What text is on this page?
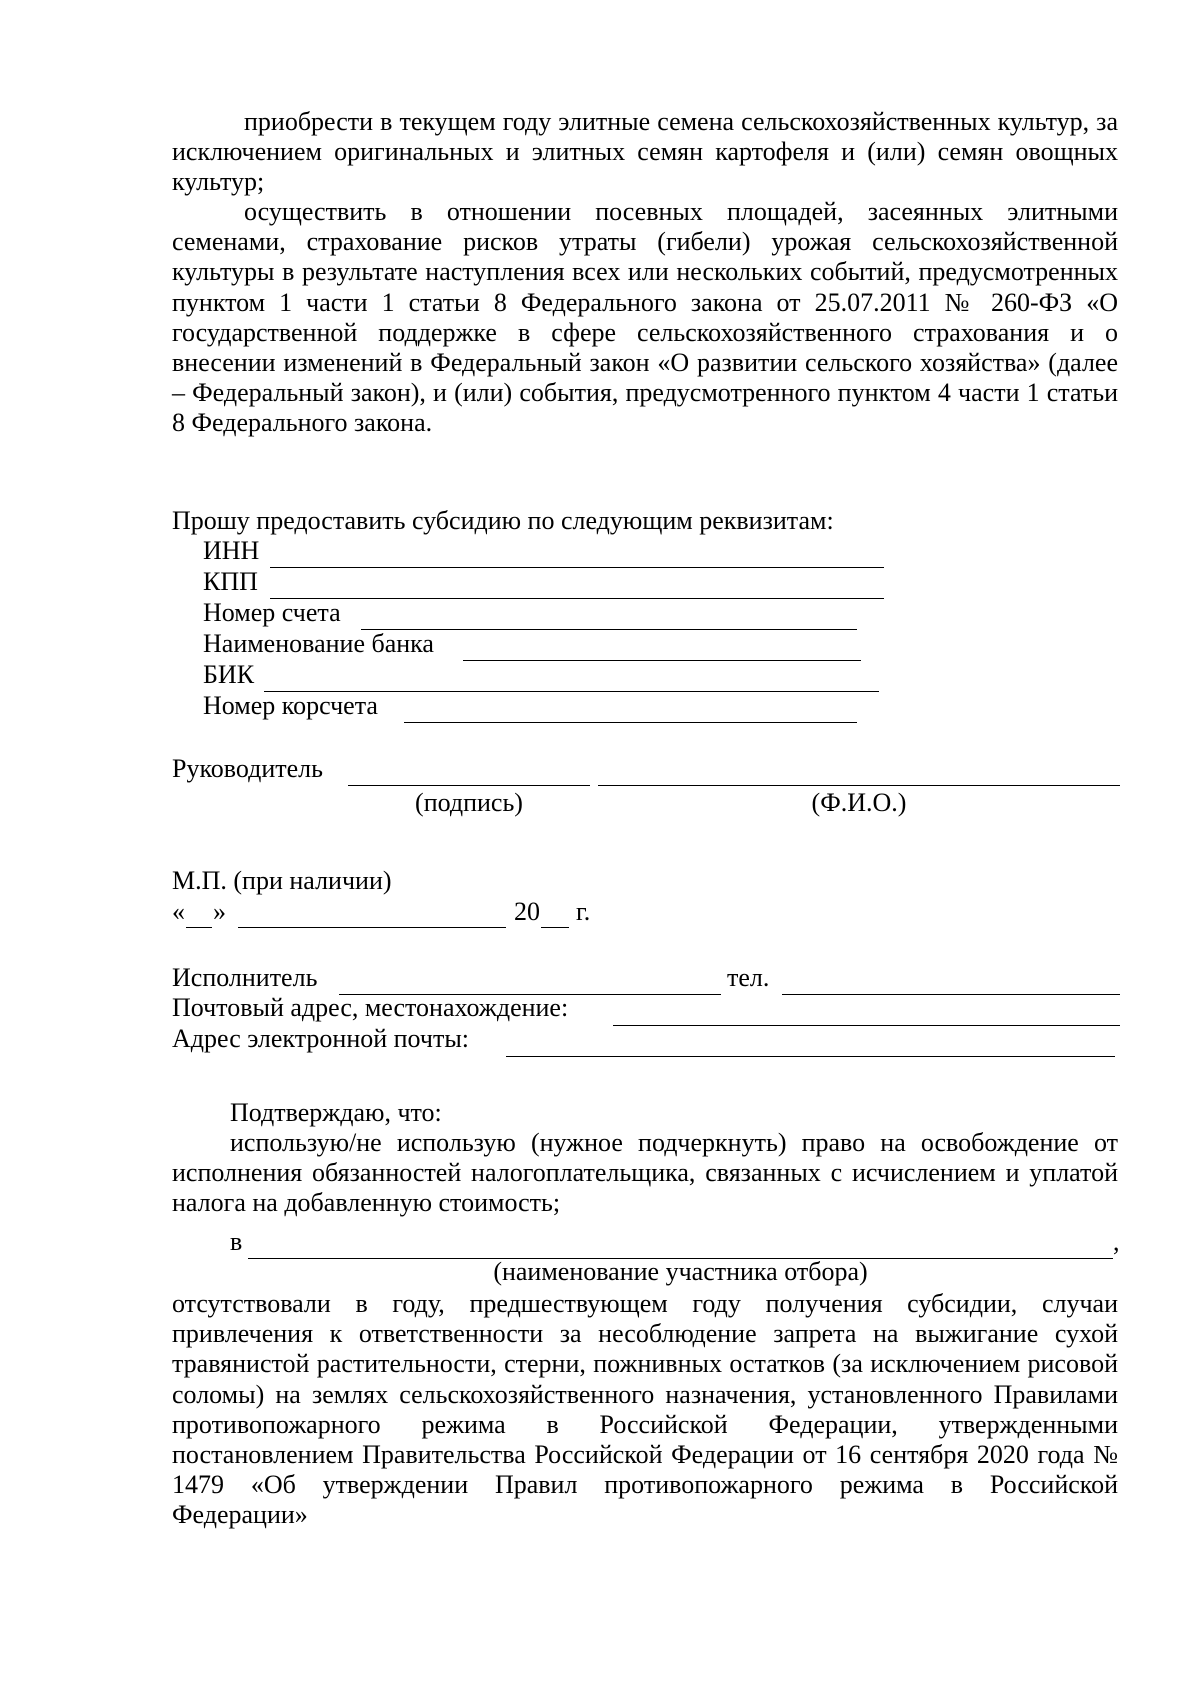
приобрести в текущем году элитные семена сельскохозяйственных культур, за исключением оригинальных и элитных семян картофеля и (или) семян овощных культур;
осуществить в отношении посевных площадей, засеянных элитными семенами, страхование рисков утраты (гибели) урожая сельскохозяйственной культуры в результате наступления всех или нескольких событий, предусмотренных пунктом 1 части 1 статьи 8 Федерального закона от 25.07.2011 № 260-ФЗ «О государственной поддержке в сфере сельскохозяйственного страхования и о внесении изменений в Федеральный закон «О развитии сельского хозяйства» (далее – Федеральный закон), и (или) события, предусмотренного пунктом 4 части 1 статьи 8 Федерального закона.
Прошу предоставить субсидию по следующим реквизитам:
ИНН
КПП
Номер счета
Наименование банка
БИК
Номер корсчета
Руководитель
(подпись)	(Ф.И.О.)
М.П. (при наличии)
« »	20 г.
Исполнитель	тел.
Почтовый адрес, местонахождение:
Адрес электронной почты:
Подтверждаю, что:
использую/не использую (нужное подчеркнуть) право на освобождение от исполнения обязанностей налогоплательщика, связанных с исчислением и уплатой налога на добавленную стоимость;
в	,
(наименование участника отбора)
отсутствовали в году, предшествующем году получения субсидии, случаи привлечения к ответственности за несоблюдение запрета на выжигание сухой травянистой растительности, стерни, пожнивных остатков (за исключением рисовой соломы) на землях сельскохозяйственного назначения, установленного Правилами противопожарного режима в Российской Федерации, утвержденными постановлением Правительства Российской Федерации от 16 сентября 2020 года № 1479 «Об утверждении Правил противопожарного режима в Российской Федерации»
